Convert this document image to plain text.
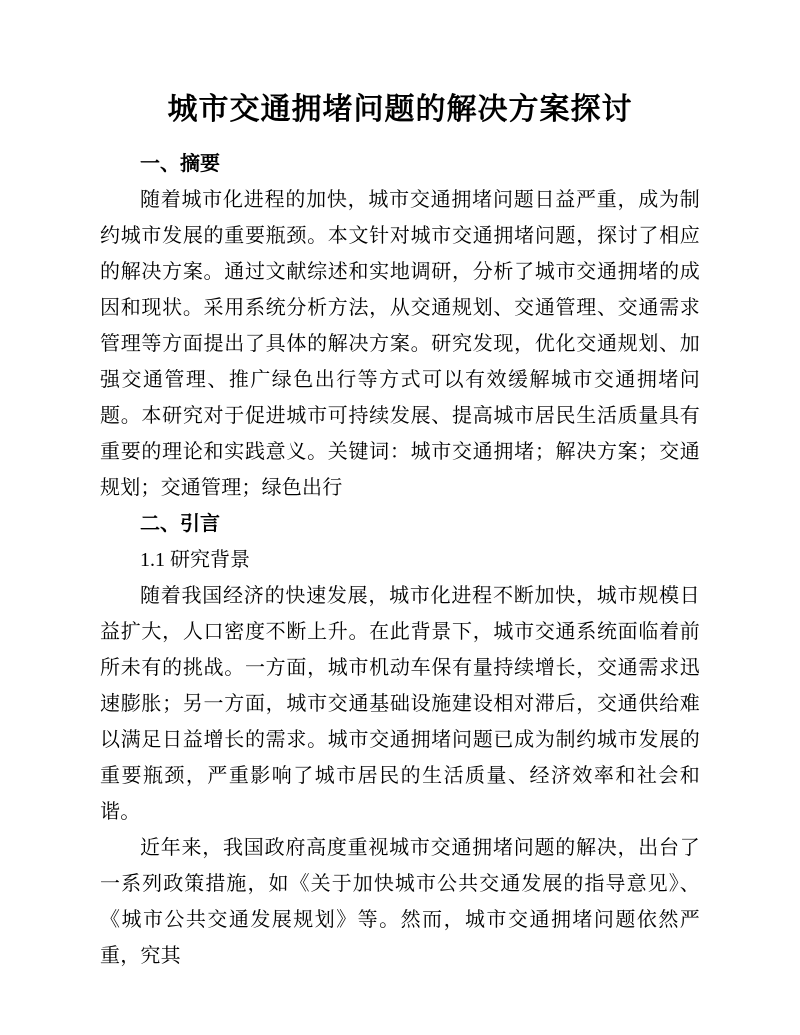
城市交通拥堵问题的解决方案探讨
一、摘要

随着城市化进程的加快，城市交通拥堵问题日益严重，成为制约城市发展的重要瓶颈。本文针对城市交通拥堵问题，探讨了相应的解决方案。通过文献综述和实地调研，分析了城市交通拥堵的成因和现状。采用系统分析方法，从交通规划、交通管理、交通需求管理等方面提出了具体的解决方案。研究发现，优化交通规划、加强交通管理、推广绿色出行等方式可以有效缓解城市交通拥堵问题。本研究对于促进城市可持续发展、提高城市居民生活质量具有重要的理论和实践意义。关键词：城市交通拥堵；解决方案；交通规划；交通管理；绿色出行

二、引言

1.1 研究背景

随着我国经济的快速发展，城市化进程不断加快，城市规模日益扩大，人口密度不断上升。在此背景下，城市交通系统面临着前所未有的挑战。一方面，城市机动车保有量持续增长，交通需求迅速膨胀；另一方面，城市交通基础设施建设相对滞后，交通供给难以满足日益增长的需求。城市交通拥堵问题已成为制约城市发展的重要瓶颈，严重影响了城市居民的生活质量、经济效率和社会和谐。

近年来，我国政府高度重视城市交通拥堵问题的解决，出台了一系列政策措施，如《关于加快城市公共交通发展的指导意见》、《城市公共交通发展规划》等。然而，城市交通拥堵问题依然严重，究其
